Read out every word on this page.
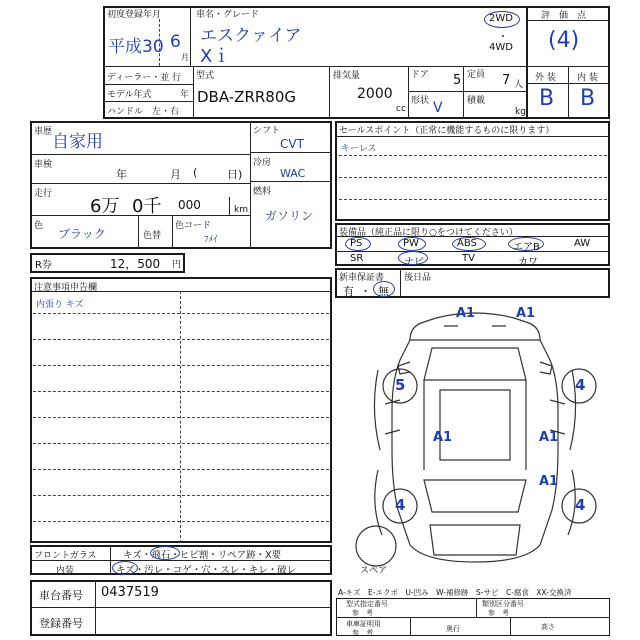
初度登録年月
平成30 6
月
車名・グレード
エスクァイア
Xｉ
2WD
・
4WD
ディーラー・並 行
モデル年式	年
ハンドル　左・右
型式
DBA-ZRR80G
排気量
2000
cc
ドア 5
形状 V
定員 7 人
積載
kg
評　価　点
(4)
外 装 内 装
B B
車歴 自家用
車検
年	月 (	日)
走行
6万 0千 000	km
色
ブラック	色替
色コード
ﾌﾒｲ
シフト
CVT
冷房
WAC
燃料
ガソリン
R券	12，500 円
セールスポイント（正常に機能するものに限ります）
キーレス
装備品（純正品に限り○をつけてください）
PS	PW	ABS	エアB	AW
SR	ナビ	TV	カワ
新車保証書
有 ・ 無
後日品
注意事項申告欄
内張り キズ
A1	A1
5	4
A1	A1
A1
4	4
スペア
フロントガラス	キズ・飛石・ヒビ割・リペア跡・X要
内装	キズ・汚レ・コゲ・穴・スレ・キレ・破レ
車台番号 0437519
登録番号
A-キズ　E-エクボ　U-凹み　W-補修跡　S-サビ　C-腐食　XX-交換済
型式指定番号
参　考
類別区分番号
参　考
車庫証明用
参　考	奥行	高さ
